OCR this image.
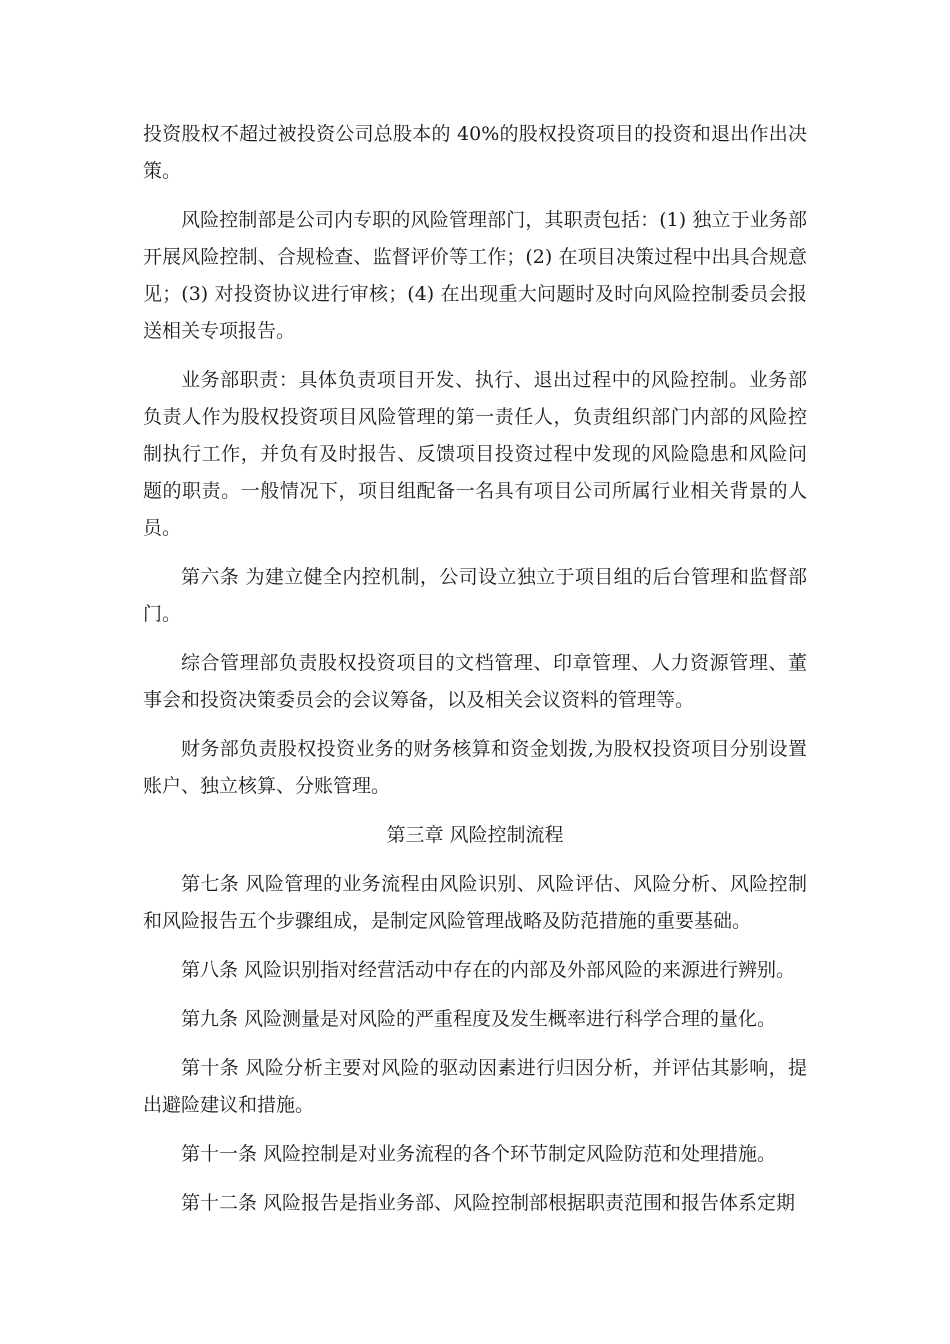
投资股权不超过被投资公司总股本的 40%的股权投资项目的投资和退出作出决策。

风险控制部是公司内专职的风险管理部门，其职责包括：(1) 独立于业务部开展风险控制、合规检查、监督评价等工作；(2) 在项目决策过程中出具合规意见；(3) 对投资协议进行审核；(4) 在出现重大问题时及时向风险控制委员会报送相关专项报告。

业务部职责：具体负责项目开发、执行、退出过程中的风险控制。业务部负责人作为股权投资项目风险管理的第一责任人，负责组织部门内部的风险控制执行工作，并负有及时报告、反馈项目投资过程中发现的风险隐患和风险问题的职责。一般情况下，项目组配备一名具有项目公司所属行业相关背景的人员。

第六条 为建立健全内控机制，公司设立独立于项目组的后台管理和监督部门。

综合管理部负责股权投资项目的文档管理、印章管理、人力资源管理、董事会和投资决策委员会的会议筹备，以及相关会议资料的管理等。

财务部负责股权投资业务的财务核算和资金划拨,为股权投资项目分别设置账户、独立核算、分账管理。

第三章 风险控制流程

第七条 风险管理的业务流程由风险识别、风险评估、风险分析、风险控制和风险报告五个步骤组成，是制定风险管理战略及防范措施的重要基础。

第八条 风险识别指对经营活动中存在的内部及外部风险的来源进行辨别。

第九条 风险测量是对风险的严重程度及发生概率进行科学合理的量化。

第十条 风险分析主要对风险的驱动因素进行归因分析，并评估其影响，提出避险建议和措施。

第十一条 风险控制是对业务流程的各个环节制定风险防范和处理措施。

第十二条 风险报告是指业务部、风险控制部根据职责范围和报告体系定期
